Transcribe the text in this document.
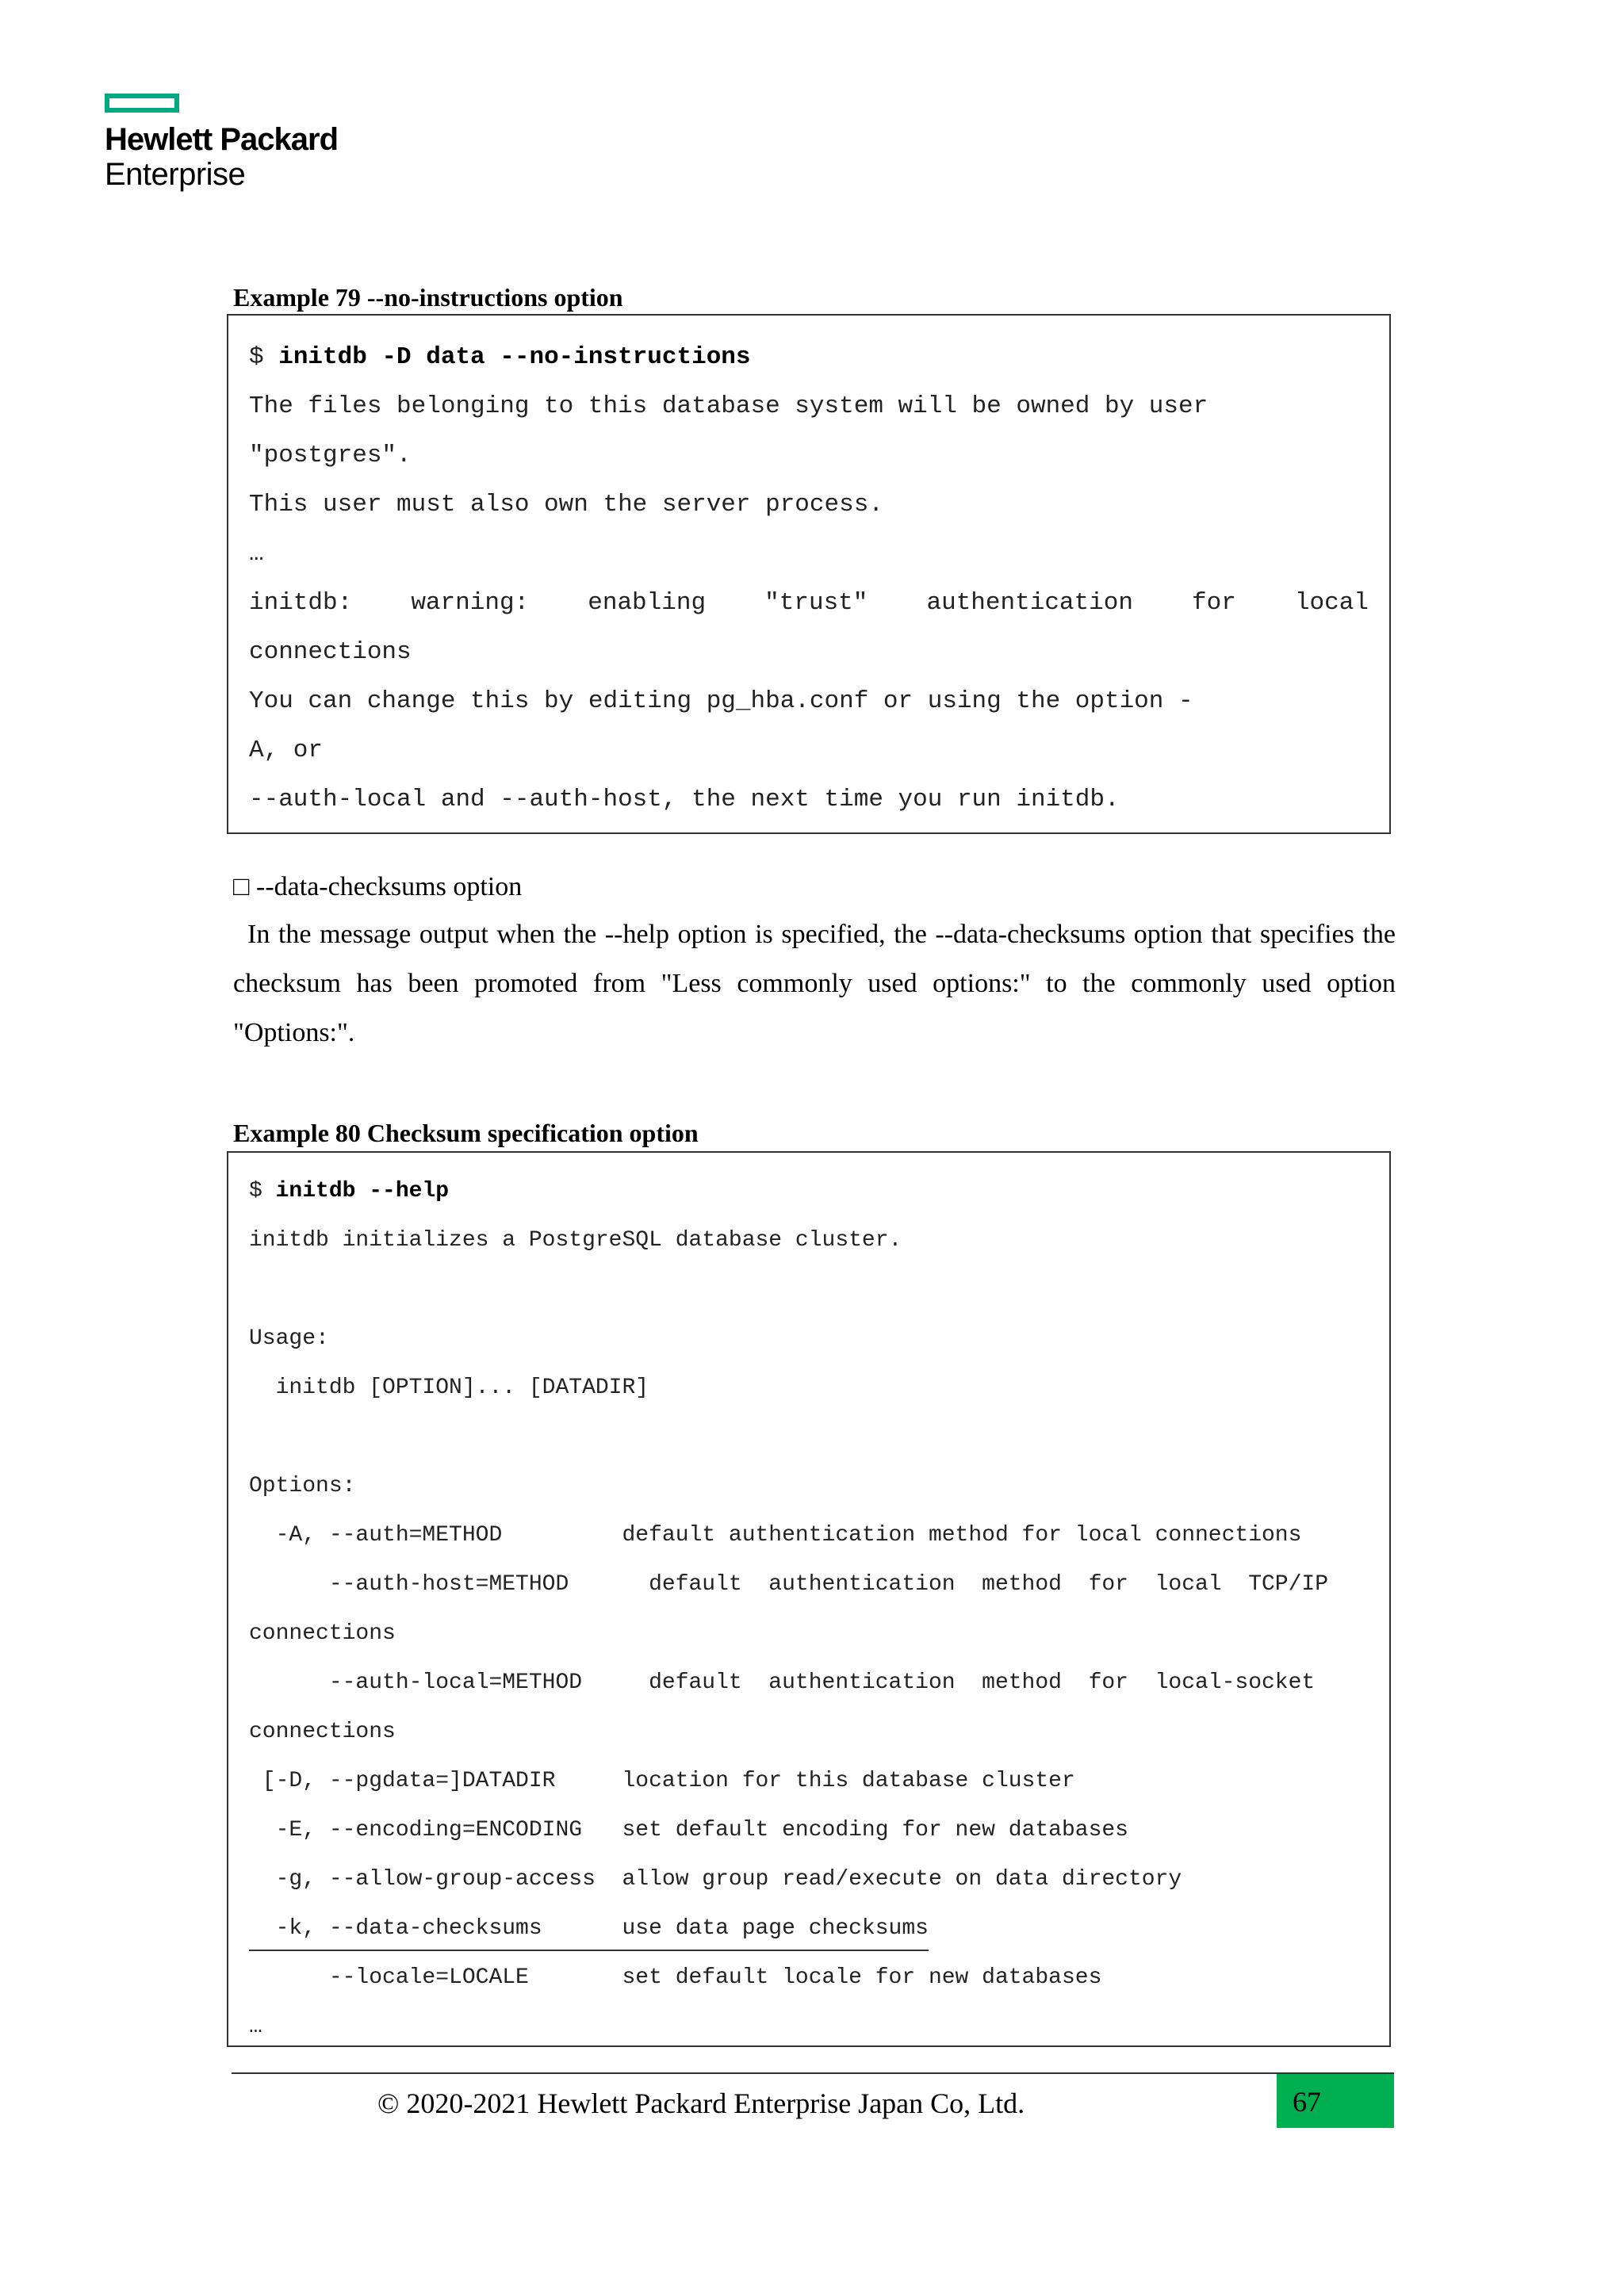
Hewlett Packard
Enterprise
Example 79 --no-instructions option
$ initdb -D data --no-instructions
The files belonging to this database system will be owned by user
"postgres".
This user must also own the server process.
…
initdb: warning: enabling "trust" authentication for local
connections
You can change this by editing pg_hba.conf or using the option -
A, or
--auth-local and --auth-host, the next time you run initdb.
□ --data-checksums option
In the message output when the --help option is specified, the --data-checksums option that specifies the checksum has been promoted from "Less commonly used options:" to the commonly used option "Options:".
Example 80 Checksum specification option
$ initdb --help
initdb initializes a PostgreSQL database cluster.
Usage:
initdb [OPTION]... [DATADIR]
Options:
-A, --auth=METHOD         default authentication method for local connections
--auth-host=METHOD      default  authentication  method  for  local  TCP/IP
connections
--auth-local=METHOD     default  authentication  method  for  local-socket
connections
[-D, --pgdata=]DATADIR     location for this database cluster
-E, --encoding=ENCODING   set default encoding for new databases
-g, --allow-group-access  allow group read/execute on data directory
-k, --data-checksums      use data page checksums
--locale=LOCALE       set default locale for new databases
…
© 2020-2021 Hewlett Packard Enterprise Japan Co, Ltd.	67
